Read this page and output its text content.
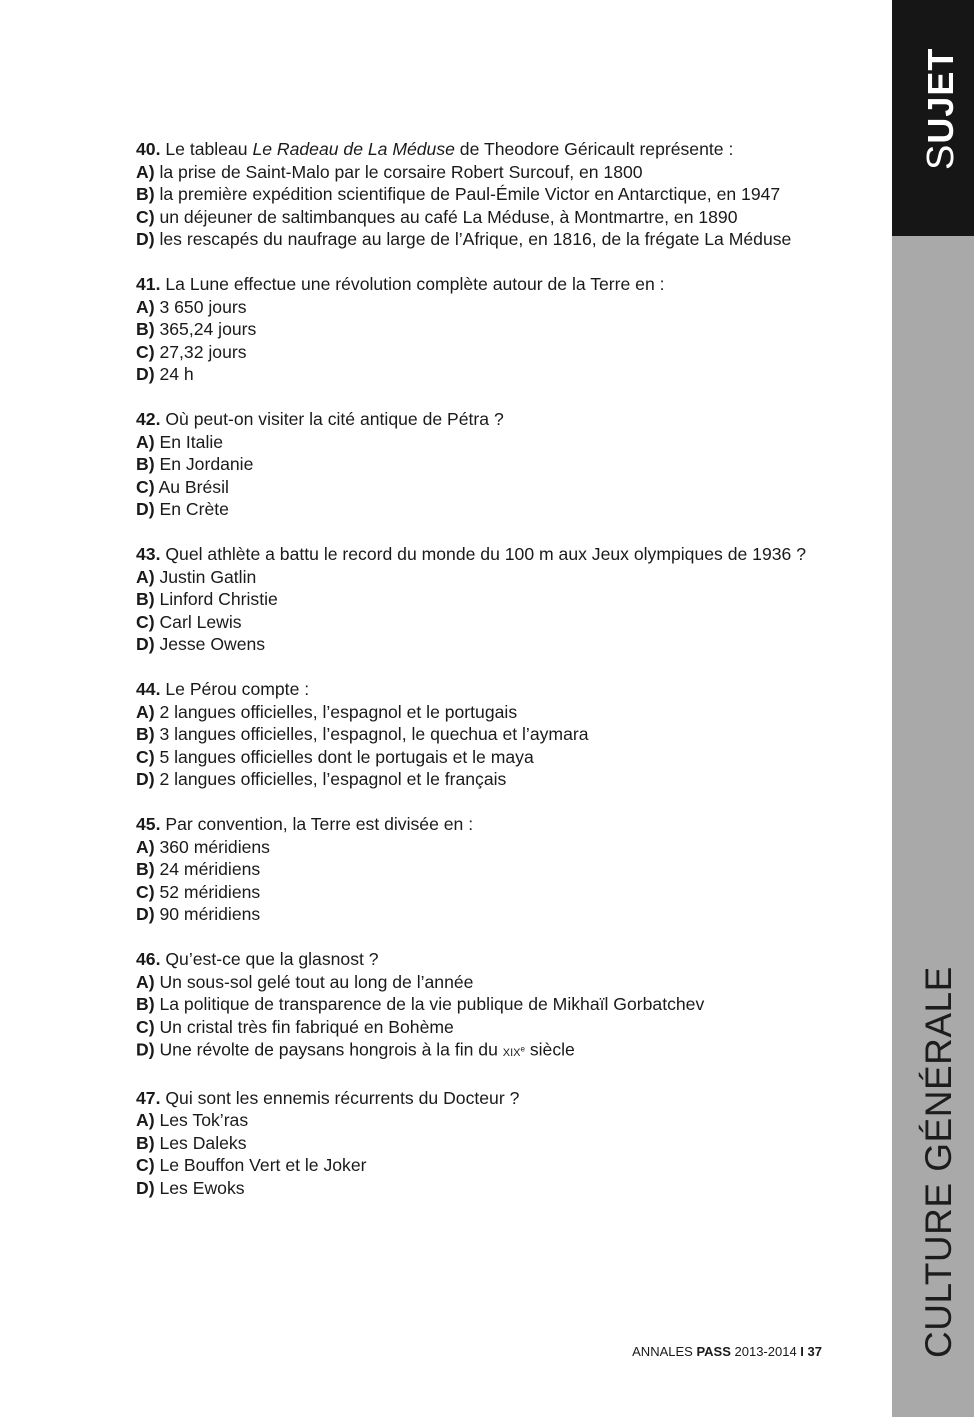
SUJET
CULTURE GÉNÉRALE
40. Le tableau Le Radeau de La Méduse de Theodore Géricault représente :
A) la prise de Saint-Malo par le corsaire Robert Surcouf, en 1800
B) la première expédition scientifique de Paul-Émile Victor en Antarctique, en 1947
C) un déjeuner de saltimbanques au café La Méduse, à Montmartre, en 1890
D) les rescapés du naufrage au large de l’Afrique, en 1816, de la frégate La Méduse
41. La Lune effectue une révolution complète autour de la Terre en :
A) 3 650 jours
B) 365,24 jours
C) 27,32 jours
D) 24 h
42. Où peut-on visiter la cité antique de Pétra ?
A) En Italie
B) En Jordanie
C) Au Brésil
D) En Crète
43. Quel athlète a battu le record du monde du 100 m aux Jeux olympiques de 1936 ?
A) Justin Gatlin
B) Linford Christie
C) Carl Lewis
D) Jesse Owens
44. Le Pérou compte :
A) 2 langues officielles, l’espagnol et le portugais
B) 3 langues officielles, l’espagnol, le quechua et l’aymara
C) 5 langues officielles dont le portugais et le maya
D) 2 langues officielles, l’espagnol et le français
45. Par convention, la Terre est divisée en :
A) 360 méridiens
B) 24 méridiens
C) 52 méridiens
D) 90 méridiens
46. Qu’est-ce que la glasnost ?
A) Un sous-sol gelé tout au long de l’année
B) La politique de transparence de la vie publique de Mikhaïl Gorbatchev
C) Un cristal très fin fabriqué en Bohème
D) Une révolte de paysans hongrois à la fin du XIXe siècle
47. Qui sont les ennemis récurrents du Docteur ?
A) Les Tok’ras
B) Les Daleks
C) Le Bouffon Vert et le Joker
D) Les Ewoks
ANNALES PASS 2013-2014 I 37
